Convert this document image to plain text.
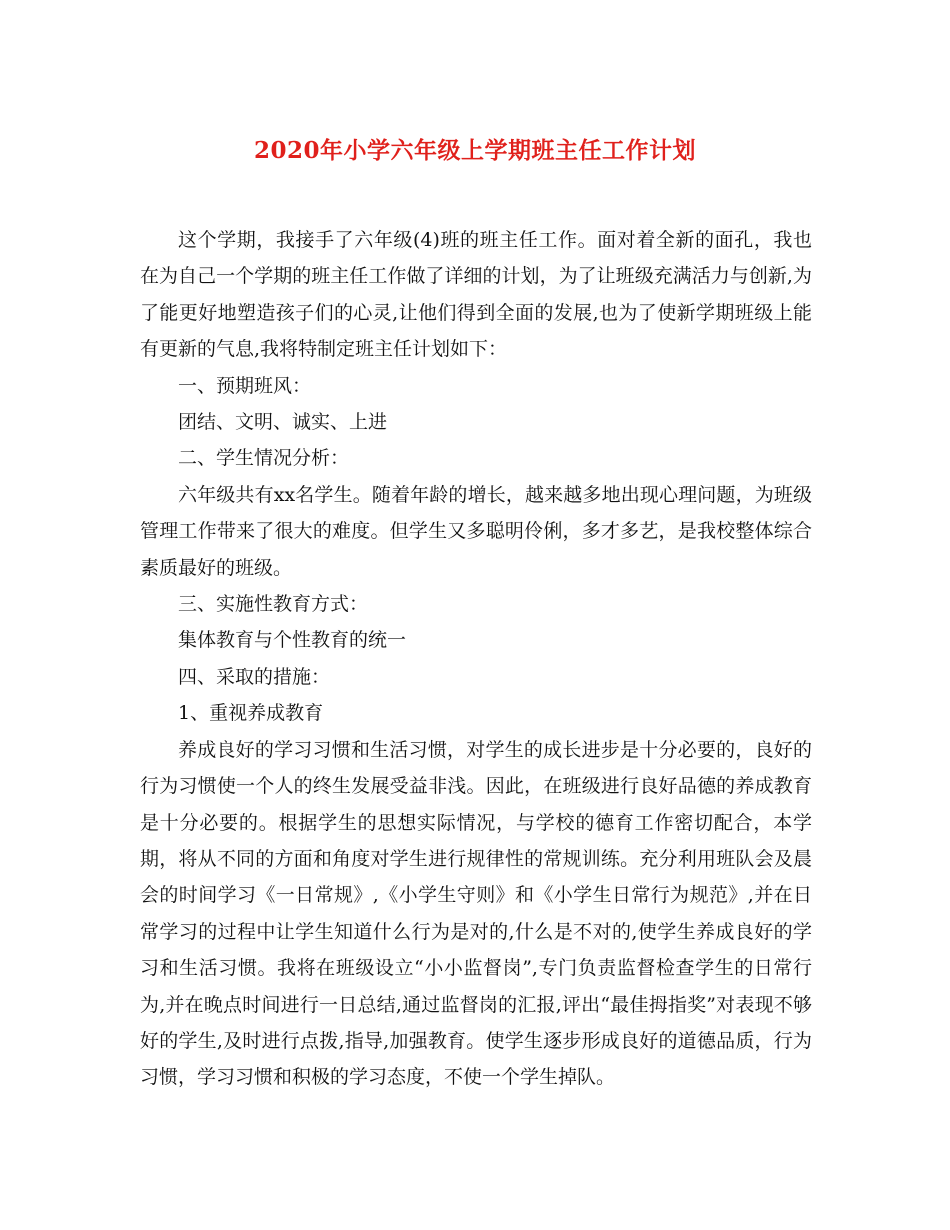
2020年小学六年级上学期班主任工作计划

这个学期，我接手了六年级(4)班的班主任工作。面对着全新的面孔，我也在为自己一个学期的班主任工作做了详细的计划，为了让班级充满活力与创新,为了能更好地塑造孩子们的心灵,让他们得到全面的发展,也为了使新学期班级上能有更新的气息,我将特制定班主任计划如下：

一、预期班风：

团结、文明、诚实、上进

二、学生情况分析：

六年级共有xx名学生。随着年龄的增长，越来越多地出现心理问题，为班级管理工作带来了很大的难度。但学生又多聪明伶俐，多才多艺，是我校整体综合素质最好的班级。

三、实施性教育方式：

集体教育与个性教育的统一

四、采取的措施：

1、重视养成教育

养成良好的学习习惯和生活习惯，对学生的成长进步是十分必要的，良好的行为习惯使一个人的终生发展受益非浅。因此，在班级进行良好品德的养成教育是十分必要的。根据学生的思想实际情况，与学校的德育工作密切配合，本学期，将从不同的方面和角度对学生进行规律性的常规训练。充分利用班队会及晨会的时间学习《一日常规》,《小学生守则》和《小学生日常行为规范》,并在日常学习的过程中让学生知道什么行为是对的,什么是不对的,使学生养成良好的学习和生活习惯。我将在班级设立“小小监督岗”,专门负责监督检查学生的日常行为,并在晚点时间进行一日总结,通过监督岗的汇报,评出“最佳拇指奖”对表现不够好的学生,及时进行点拨,指导,加强教育。使学生逐步形成良好的道德品质，行为习惯，学习习惯和积极的学习态度，不使一个学生掉队。
